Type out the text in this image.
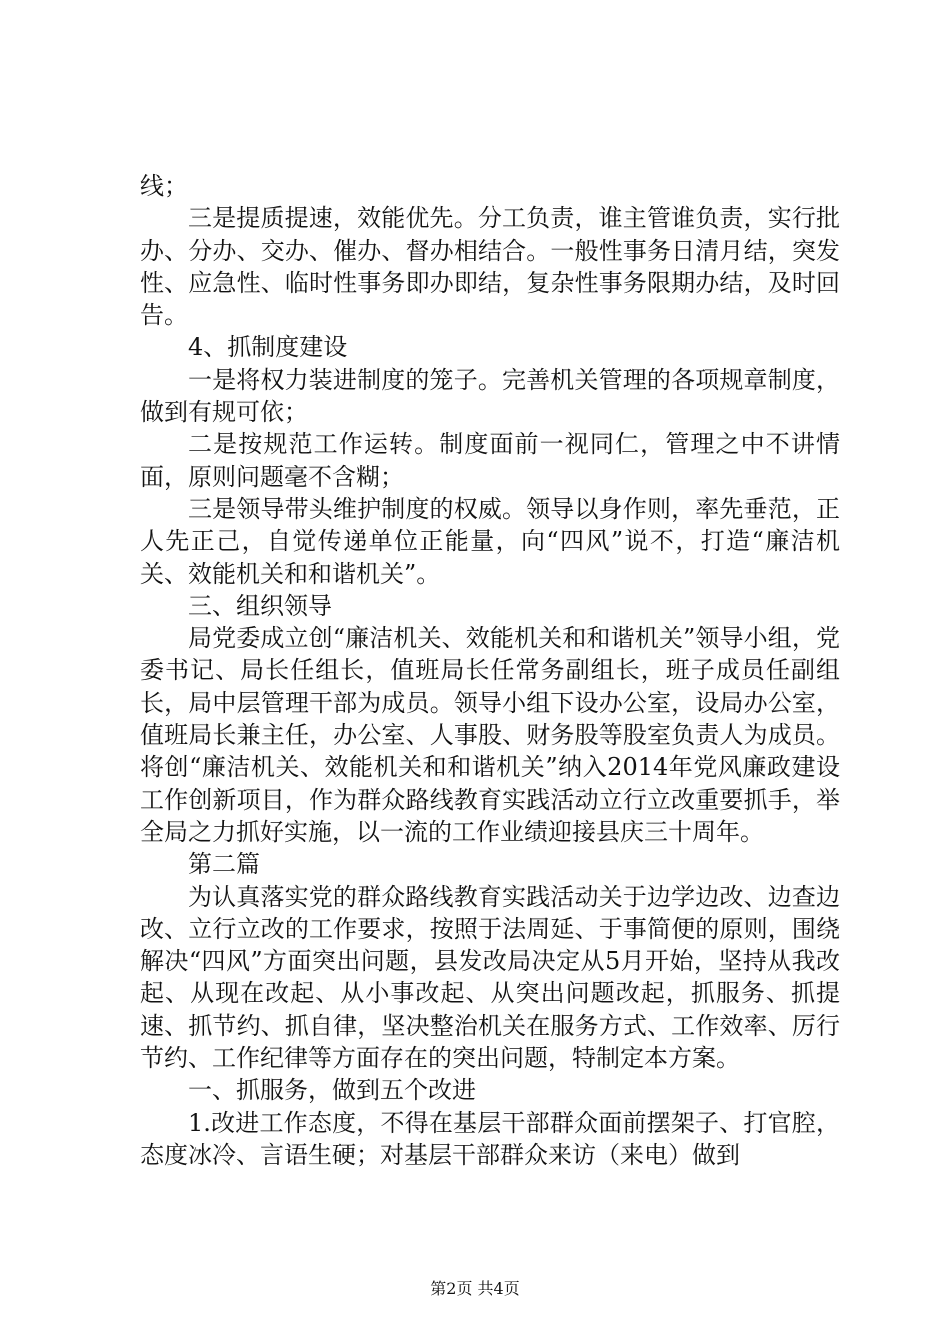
线；

三是提质提速，效能优先。分工负责，谁主管谁负责，实行批办、分办、交办、催办、督办相结合。一般性事务日清月结，突发性、应急性、临时性事务即办即结，复杂性事务限期办结，及时回告。

4、抓制度建设

一是将权力装进制度的笼子。完善机关管理的各项规章制度，做到有规可依；

二是按规范工作运转。制度面前一视同仁，管理之中不讲情面，原则问题毫不含糊；

三是领导带头维护制度的权威。领导以身作则，率先垂范，正人先正己，自觉传递单位正能量，向“四风”说不，打造“廉洁机关、效能机关和和谐机关”。

三、组织领导

局党委成立创“廉洁机关、效能机关和和谐机关”领导小组，党委书记、局长任组长，值班局长任常务副组长，班子成员任副组长，局中层管理干部为成员。领导小组下设办公室，设局办公室，值班局长兼主任，办公室、人事股、财务股等股室负责人为成员。将创“廉洁机关、效能机关和和谐机关”纳入2014年党风廉政建设工作创新项目，作为群众路线教育实践活动立行立改重要抓手，举全局之力抓好实施，以一流的工作业绩迎接县庆三十周年。

第二篇

为认真落实党的群众路线教育实践活动关于边学边改、边查边改、立行立改的工作要求，按照于法周延、于事简便的原则，围绕解决“四风”方面突出问题，县发改局决定从5月开始，坚持从我改起、从现在改起、从小事改起、从突出问题改起，抓服务、抓提速、抓节约、抓自律，坚决整治机关在服务方式、工作效率、厉行节约、工作纪律等方面存在的突出问题，特制定本方案。

一、抓服务，做到五个改进

1.改进工作态度，不得在基层干部群众面前摆架子、打官腔，态度冰冷、言语生硬；对基层干部群众来访（来电）做到

第2页 共4页
